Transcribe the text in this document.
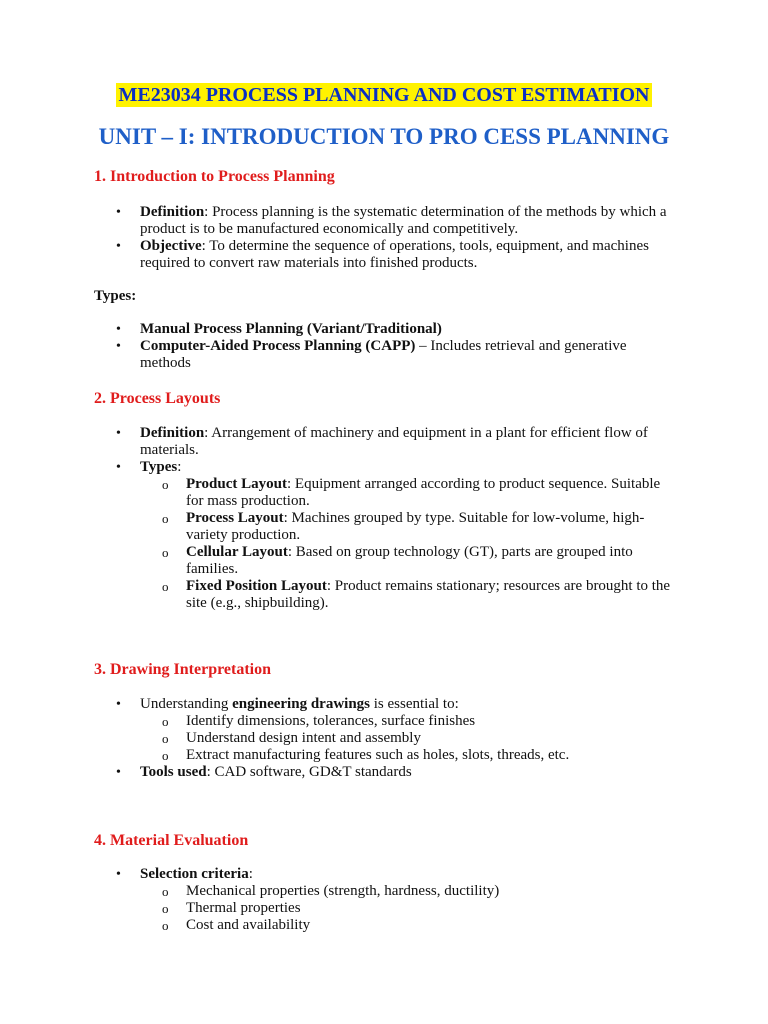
ME23034 PROCESS PLANNING AND COST ESTIMATION
UNIT – I: INTRODUCTION TO PRO CESS PLANNING
1. Introduction to Process Planning
• Definition: Process planning is the systematic determination of the methods by which a product is to be manufactured economically and competitively.
• Objective: To determine the sequence of operations, tools, equipment, and machines required to convert raw materials into finished products.
Types:
• Manual Process Planning (Variant/Traditional)
• Computer-Aided Process Planning (CAPP) – Includes retrieval and generative methods
2. Process Layouts
• Definition: Arrangement of machinery and equipment in a plant for efficient flow of materials.
• Types:
o Product Layout: Equipment arranged according to product sequence. Suitable for mass production.
o Process Layout: Machines grouped by type. Suitable for low-volume, high-variety production.
o Cellular Layout: Based on group technology (GT), parts are grouped into families.
o Fixed Position Layout: Product remains stationary; resources are brought to the site (e.g., shipbuilding).
3. Drawing Interpretation
• Understanding engineering drawings is essential to:
o Identify dimensions, tolerances, surface finishes
o Understand design intent and assembly
o Extract manufacturing features such as holes, slots, threads, etc.
• Tools used: CAD software, GD&T standards
4. Material Evaluation
• Selection criteria:
o Mechanical properties (strength, hardness, ductility)
o Thermal properties
o Cost and availability
